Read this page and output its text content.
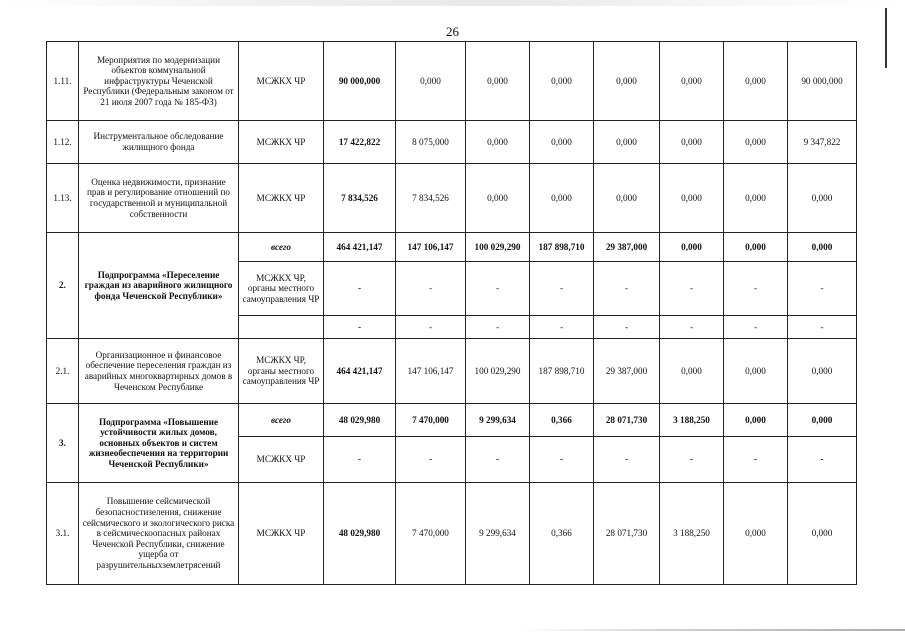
26
1.11.	Мероприятия по модернизации объектов коммунальной инфраструктуры Чеченской Республики (Федеральным законом от 21 июля 2007 года № 185-ФЗ)	МСЖКХ ЧР	90 000,000	0,000	0,000	0,000	0,000	0,000	0,000	90 000,000
1.12.	Инструментальное обследование жилищного фонда	МСЖКХ ЧР	17 422,822	8 075,000	0,000	0,000	0,000	0,000	0,000	9 347,822
1.13.	Оценка недвижимости, признание прав и регулирование отношений по государственной и муниципальной собственности	МСЖКХ ЧР	7 834,526	7 834,526	0,000	0,000	0,000	0,000	0,000	0,000
2.	Подпрограмма «Переселение граждан из аварийного жилищного фонда Чеченской Республики»	всего	464 421,147	147 106,147	100 029,290	187 898,710	29 387,000	0,000	0,000	0,000
		МСЖКХ ЧР, органы местного самоуправления ЧР	-	-	-	-	-	-	-	-
			-	-	-	-	-	-	-	-
2.1.	Организационное и финансовое обеспечение переселения граждан из аварийных многоквартирных домов в Чеченском Республике	МСЖКХ ЧР, органы местного самоуправления ЧР	464 421,147	147 106,147	100 029,290	187 898,710	29 387,000	0,000	0,000	0,000
3.	Подпрограмма «Повышение устойчивости жилых домов, основных объектов и систем жизнеобеспечения на территории Чеченской Республики»	всего	48 029,980	7 470,000	9 299,634	0,366	28 071,730	3 188,250	0,000	0,000
		МСЖКХ ЧР	-	-	-	-	-	-	-	-
3.1.	Повышение сейсмической безопасностизеления, снижение сейсмического и экологического риска в сейсмическоопасных районах Чеченской Республики, снижение ущерба от разрушительныхземлетрясений	МСЖКХ ЧР	48 029,980	7 470,000	9 299,634	0,366	28 071,730	3 188,250	0,000	0,000
